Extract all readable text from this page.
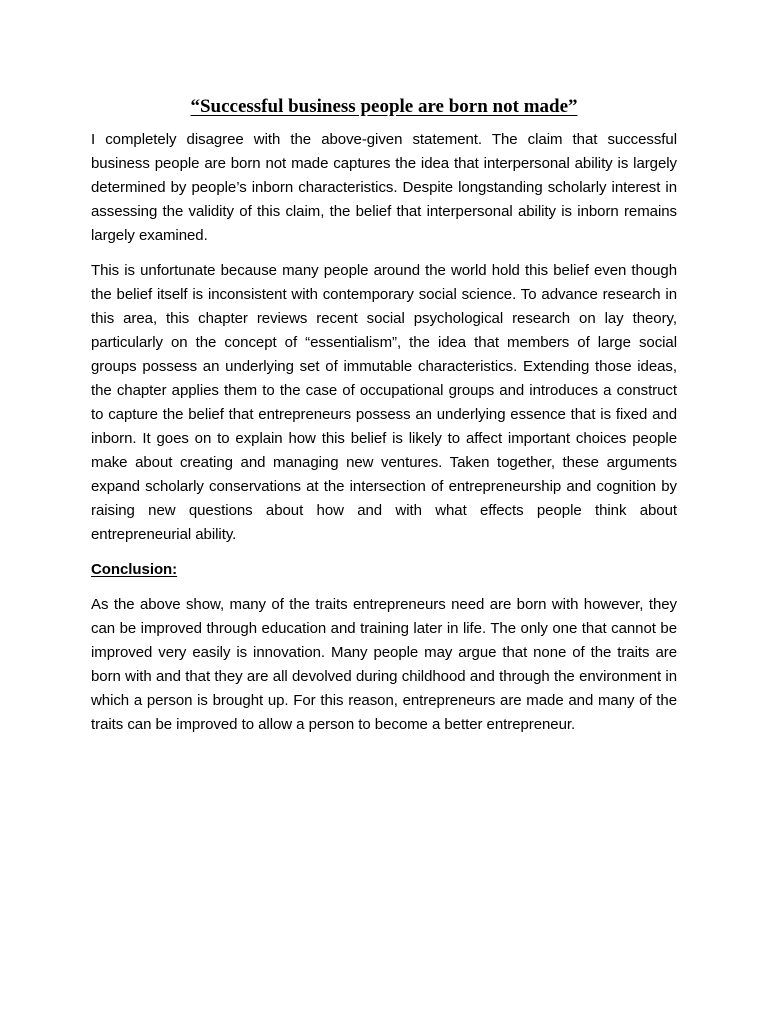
“Successful business people are born not made”

I completely disagree with the above-given statement. The claim that successful business people are born not made captures the idea that interpersonal ability is largely determined by people’s inborn characteristics. Despite longstanding scholarly interest in assessing the validity of this claim, the belief that interpersonal ability is inborn remains largely examined.

This is unfortunate because many people around the world hold this belief even though the belief itself is inconsistent with contemporary social science. To advance research in this area, this chapter reviews recent social psychological research on lay theory, particularly on the concept of “essentialism”, the idea that members of large social groups possess an underlying set of immutable characteristics. Extending those ideas, the chapter applies them to the case of occupational groups and introduces a construct to capture the belief that entrepreneurs possess an underlying essence that is fixed and inborn. It goes on to explain how this belief is likely to affect important choices people make about creating and managing new ventures. Taken together, these arguments expand scholarly conservations at the intersection of entrepreneurship and cognition by raising new questions about how and with what effects people think about entrepreneurial ability.

Conclusion:

As the above show, many of the traits entrepreneurs need are born with however, they can be improved through education and training later in life. The only one that cannot be improved very easily is innovation. Many people may argue that none of the traits are born with and that they are all devolved during childhood and through the environment in which a person is brought up. For this reason, entrepreneurs are made and many of the traits can be improved to allow a person to become a better entrepreneur.
